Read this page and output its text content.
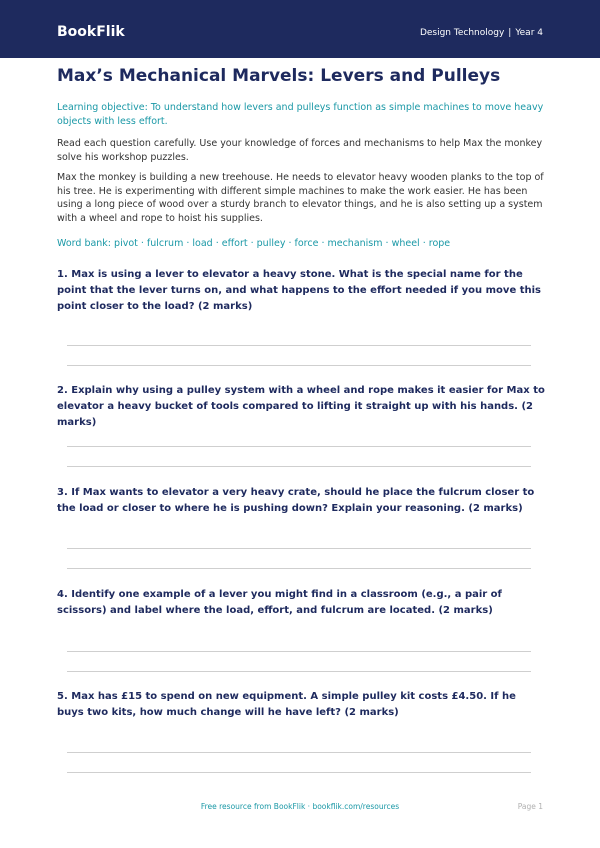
BookFlik	Design Technology | Year 4
Max’s Mechanical Marvels: Levers and Pulleys

Learning objective: To understand how levers and pulleys function as simple machines to move heavy objects with less effort.

Read each question carefully. Use your knowledge of forces and mechanisms to help Max the monkey solve his workshop puzzles.

Max the monkey is building a new treehouse. He needs to elevator heavy wooden planks to the top of his tree. He is experimenting with different simple machines to make the work easier. He has been using a long piece of wood over a sturdy branch to elevator things, and he is also setting up a system with a wheel and rope to hoist his supplies.

Word bank: pivot · fulcrum · load · effort · pulley · force · mechanism · wheel · rope

1. Max is using a lever to elevator a heavy stone. What is the special name for the point that the lever turns on, and what happens to the effort needed if you move this point closer to the load? (2 marks)
2. Explain why using a pulley system with a wheel and rope makes it easier for Max to elevator a heavy bucket of tools compared to lifting it straight up with his hands. (2 marks)
3. If Max wants to elevator a very heavy crate, should he place the fulcrum closer to the load or closer to where he is pushing down? Explain your reasoning. (2 marks)
4. Identify one example of a lever you might find in a classroom (e.g., a pair of scissors) and label where the load, effort, and fulcrum are located. (2 marks)
5. Max has £15 to spend on new equipment. A simple pulley kit costs £4.50. If he buys two kits, how much change will he have left? (2 marks)
Free resource from BookFlik · bookflik.com/resources	Page 1
